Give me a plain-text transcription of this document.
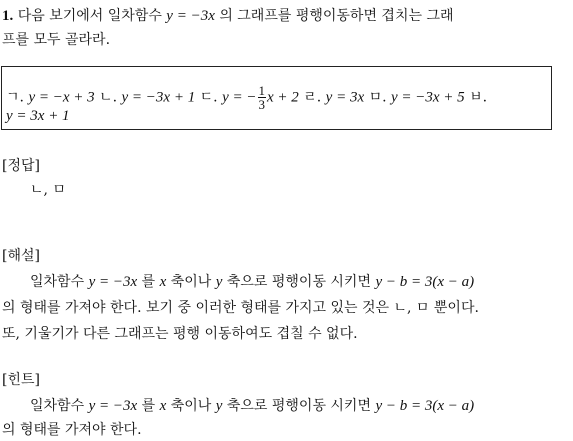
1. 다음 보기에서 일차함수 y = −3x 의 그래프를 평행이동하면 겹치는 그래
프를 모두 골라라.
ㄱ. y = −x + 3 ㄴ. y = −3x + 1 ㄷ. y = − $\frac{1}{3}$ x + 2 ㄹ. y = 3x ㅁ. y = −3x + 5 ㅂ.
y = 3x + 1
[정답]
ㄴ, ㅁ
[해설]
일차함수 y = −3x 를 x 축이나 y 축으로 평행이동 시키면 y − b = 3(x − a)
의 형태를 가져야 한다. 보기 중 이러한 형태를 가지고 있는 것은 ㄴ, ㅁ 뿐이다.
또, 기울기가 다른 그래프는 평행 이동하여도 겹칠 수 없다.
[힌트]
일차함수 y = −3x 를 x 축이나 y 축으로 평행이동 시키면 y − b = 3(x − a)
의 형태를 가져야 한다.
